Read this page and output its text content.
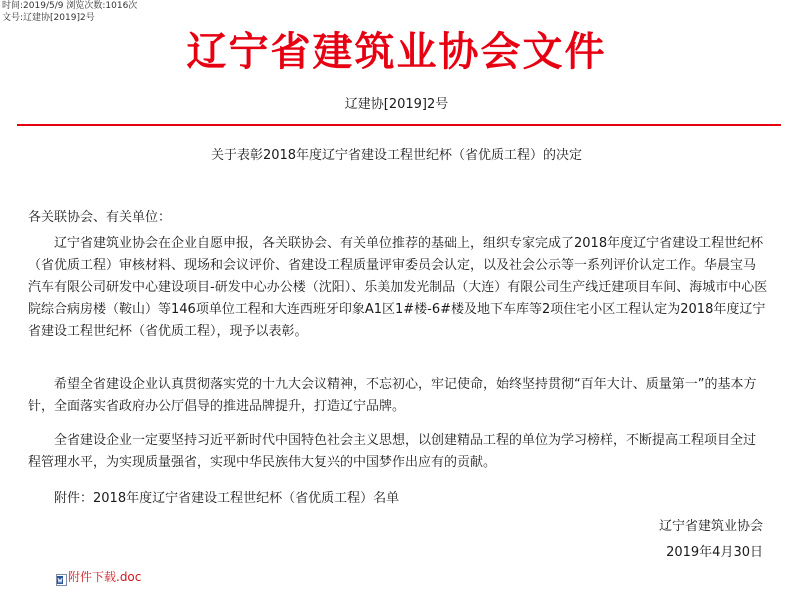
时间:2019/5/9 浏览次数:1016次
文号:辽建协[2019]2号
辽宁省建筑业协会文件
辽建协[2019]2号
关于表彰2018年度辽宁省建设工程世纪杯（省优质工程）的决定

各关联协会、有关单位：

辽宁省建筑业协会在企业自愿申报，各关联协会、有关单位推荐的基础上，组织专家完成了2018年度辽宁省建设工程世纪杯（省优质工程）审核材料、现场和会议评价、省建设工程质量评审委员会认定，以及社会公示等一系列评价认定工作。华晨宝马汽车有限公司研发中心建设项目-研发中心办公楼（沈阳）、乐美加发光制品（大连）有限公司生产线迁建项目车间、海城市中心医院综合病房楼（鞍山）等146项单位工程和大连西班牙印象A1区1#楼-6#楼及地下车库等2项住宅小区工程认定为2018年度辽宁省建设工程世纪杯（省优质工程），现予以表彰。

希望全省建设企业认真贯彻落实党的十九大会议精神，不忘初心，牢记使命，始终坚持贯彻“百年大计、质量第一”的基本方针，全面落实省政府办公厅倡导的推进品牌提升，打造辽宁品牌。

全省建设企业一定要坚持习近平新时代中国特色社会主义思想，以创建精品工程的单位为学习榜样，不断提高工程项目全过程管理水平，为实现质量强省，实现中华民族伟大复兴的中国梦作出应有的贡献。

附件：2018年度辽宁省建设工程世纪杯（省优质工程）名单
辽宁省建筑业协会
2019年4月30日
附件下载.doc
